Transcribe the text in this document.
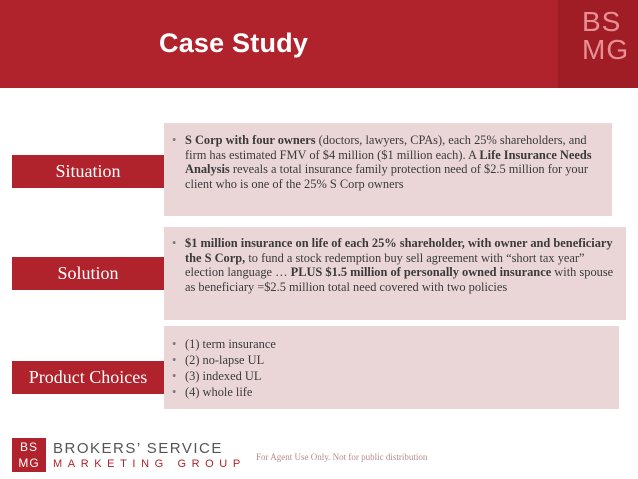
Case Study
BS
MG
• S Corp with four owners (doctors, lawyers, CPAs), each 25% shareholders, and firm has estimated FMV of $4 million ($1 million each). A Life Insurance Needs Analysis reveals a total insurance family protection need of $2.5 million for your client who is one of the 25% S Corp owners
Situation
• $1 million insurance on life of each 25% shareholder, with owner and beneficiary the S Corp, to fund a stock redemption buy sell agreement with “short tax year” election language … PLUS $1.5 million of personally owned insurance with spouse as beneficiary =$2.5 million total need covered with two policies
Solution
• (1) term insurance
• (2) no-lapse UL
• (3) indexed UL
• (4) whole life
Product Choices
BS
MG
BROKERS’ SERVICE
MARKETING GROUP
For Agent Use Only. Not for public distribution
